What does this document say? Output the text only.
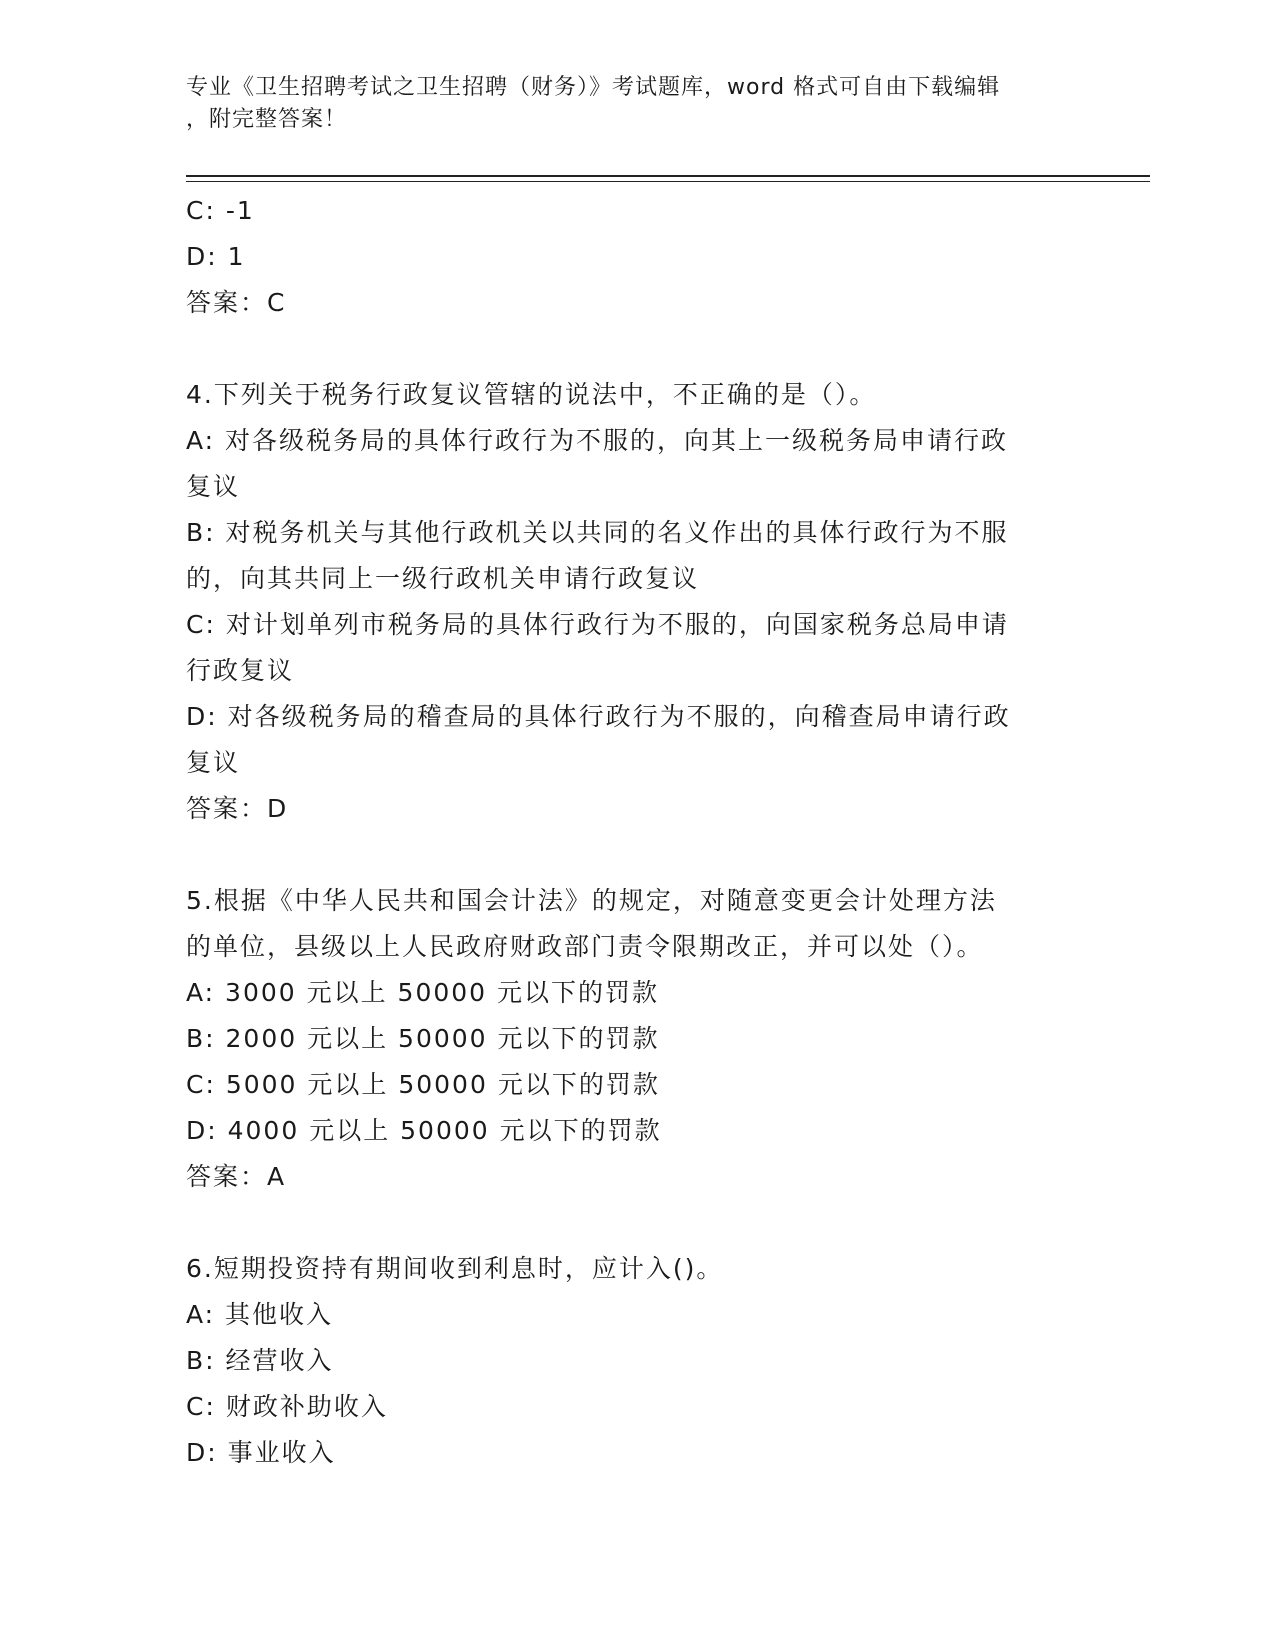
专业《卫生招聘考试之卫生招聘（财务）》考试题库，word 格式可自由下载编辑
，附完整答案！
C: -1
D: 1
答案：C
4.下列关于税务行政复议管辖的说法中，不正确的是（）。
A: 对各级税务局的具体行政行为不服的，向其上一级税务局申请行政
复议
B: 对税务机关与其他行政机关以共同的名义作出的具体行政行为不服
的，向其共同上一级行政机关申请行政复议
C: 对计划单列市税务局的具体行政行为不服的，向国家税务总局申请
行政复议
D: 对各级税务局的稽查局的具体行政行为不服的，向稽查局申请行政
复议
答案：D
5.根据《中华人民共和国会计法》的规定，对随意变更会计处理方法
的单位，县级以上人民政府财政部门责令限期改正，并可以处（）。
A: 3000 元以上 50000 元以下的罚款
B: 2000 元以上 50000 元以下的罚款
C: 5000 元以上 50000 元以下的罚款
D: 4000 元以上 50000 元以下的罚款
答案：A
6.短期投资持有期间收到利息时，应计入()。
A: 其他收入
B: 经营收入
C: 财政补助收入
D: 事业收入
